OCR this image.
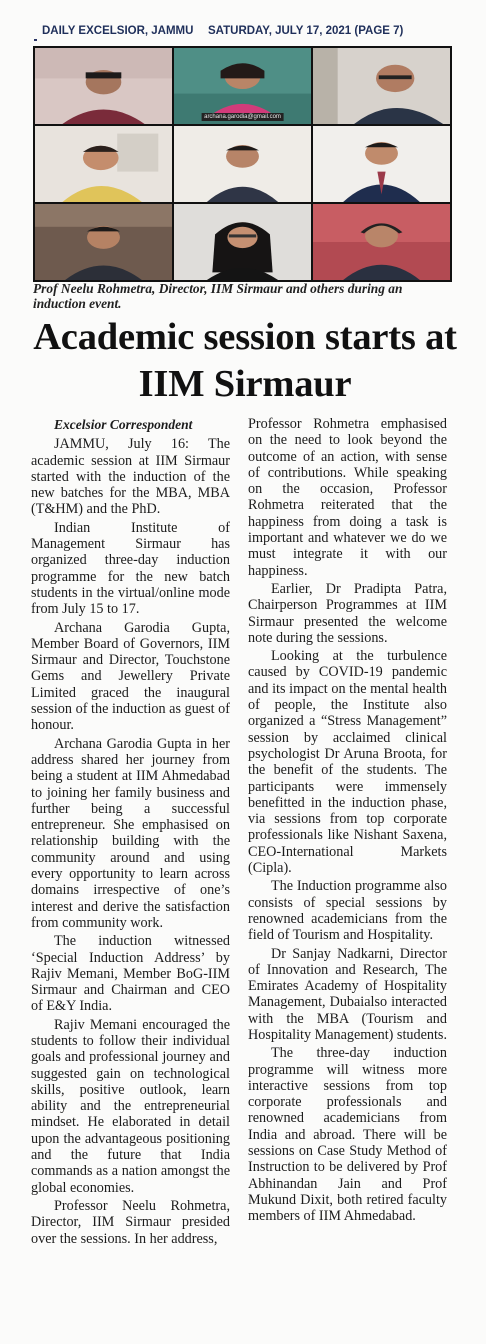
DAILY EXCELSIOR, JAMMU SATURDAY, JULY 17, 2021 (PAGE 7)
archana.garodia@gmail.com
Prof Neelu Rohmetra, Director, IIM Sirmaur and others during an induction event.
Academic session starts at IIM Sirmaur
Excelsior Correspondent

JAMMU, July 16: The academic session at IIM Sirmaur started with the induction of the new batches for the MBA, MBA (T&HM) and the PhD.

Indian Institute of Management Sirmaur has organized three-day induction programme for the new batch students in the virtual/online mode from July 15 to 17.

Archana Garodia Gupta, Member Board of Governors, IIM Sirmaur and Director, Touchstone Gems and Jewellery Private Limited graced the inaugural session of the induction as guest of honour.

Archana Garodia Gupta in her address shared her journey from being a student at IIM Ahmedabad to joining her family business and further being a successful entrepreneur. She emphasised on relationship building with the community around and using every opportunity to learn across domains irrespective of one’s interest and derive the satisfaction from community work.

The induction witnessed ‘Special Induction Address’ by Rajiv Memani, Member BoG-IIM Sirmaur and Chairman and CEO of E&Y India.

Rajiv Memani encouraged the students to follow their individual goals and professional journey and suggested gain on technological skills, positive outlook, learn ability and the entrepreneurial mindset. He elaborated in detail upon the advantageous positioning and the future that India commands as a nation amongst the global economies.

Professor Neelu Rohmetra, Director, IIM Sirmaur presided over the sessions. In her address,

Professor Rohmetra emphasised on the need to look beyond the outcome of an action, with sense of contributions. While speaking on the occasion, Professor Rohmetra reiterated that the happiness from doing a task is important and whatever we do we must integrate it with our happiness.

Earlier, Dr Pradipta Patra, Chairperson Programmes at IIM Sirmaur presented the welcome note during the sessions.

Looking at the turbulence caused by COVID-19 pandemic and its impact on the mental health of people, the Institute also organized a “Stress Management” session by acclaimed clinical psychologist Dr Aruna Broota, for the benefit of the students. The participants were immensely benefitted in the induction phase, via sessions from top corporate professionals like Nishant Saxena, CEO-International Markets (Cipla).

The Induction programme also consists of special sessions by renowned academicians from the field of Tourism and Hospitality.

Dr Sanjay Nadkarni, Director of Innovation and Research, The Emirates Academy of Hospitality Management, Dubaialso interacted with the MBA (Tourism and Hospitality Management) students.

The three-day induction programme will witness more interactive sessions from top corporate professionals and renowned academicians from India and abroad. There will be sessions on Case Study Method of Instruction to be delivered by Prof Abhinandan Jain and Prof Mukund Dixit, both retired faculty members of IIM Ahmedabad.
